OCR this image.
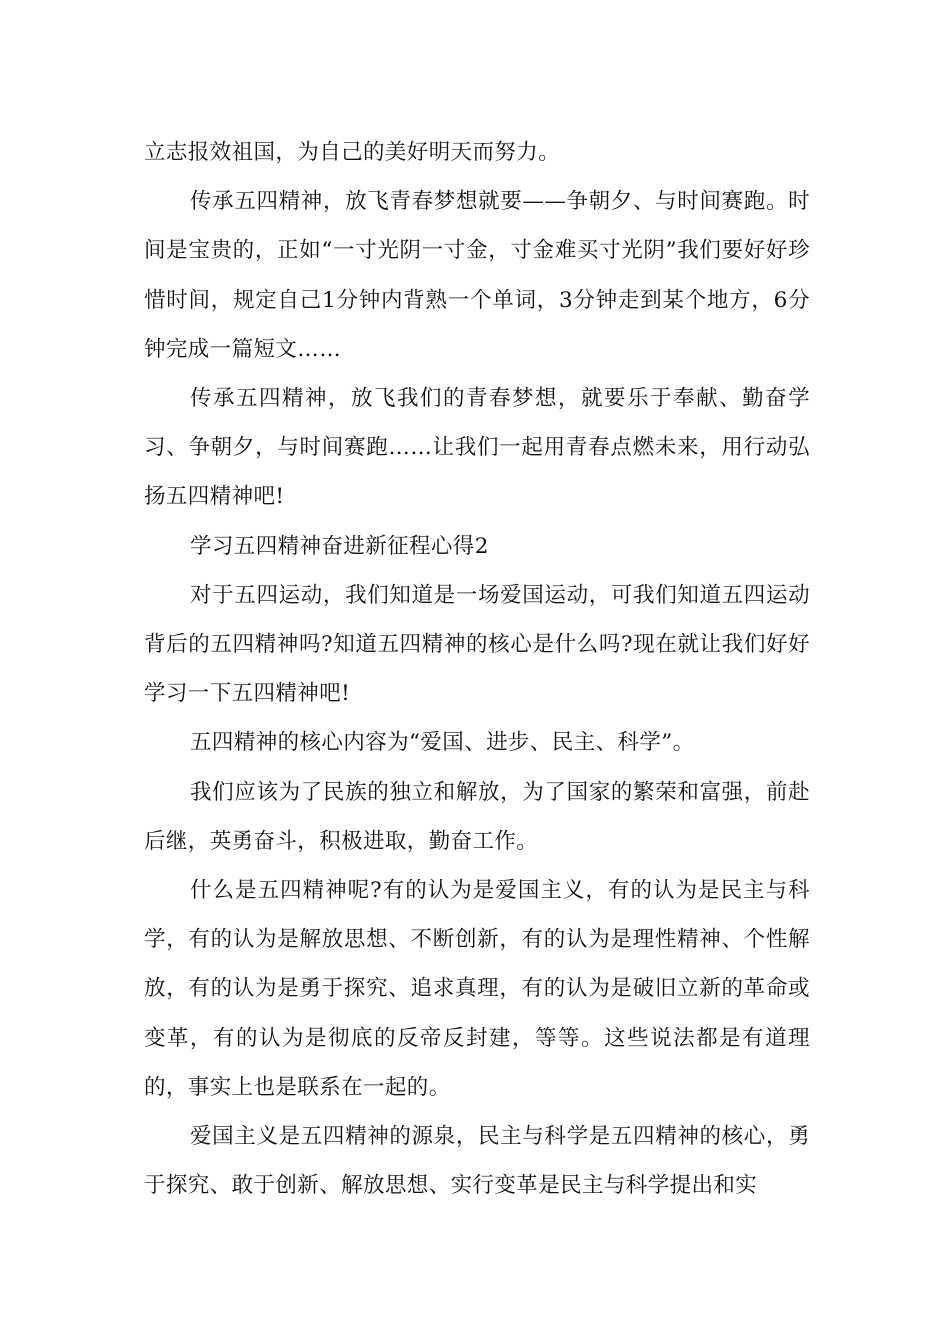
立志报效祖国，为自己的美好明天而努力。

传承五四精神，放飞青春梦想就要——争朝夕、与时间赛跑。时间是宝贵的，正如“一寸光阴一寸金，寸金难买寸光阴”我们要好好珍惜时间，规定自己1分钟内背熟一个单词，3分钟走到某个地方，6分钟完成一篇短文……

传承五四精神，放飞我们的青春梦想，就要乐于奉献、勤奋学习、争朝夕，与时间赛跑……让我们一起用青春点燃未来，用行动弘扬五四精神吧!

学习五四精神奋进新征程心得2

对于五四运动，我们知道是一场爱国运动，可我们知道五四运动背后的五四精神吗?知道五四精神的核心是什么吗?现在就让我们好好学习一下五四精神吧!

五四精神的核心内容为“爱国、进步、民主、科学”。

我们应该为了民族的独立和解放，为了国家的繁荣和富强，前赴后继，英勇奋斗，积极进取，勤奋工作。

什么是五四精神呢?有的认为是爱国主义，有的认为是民主与科学，有的认为是解放思想、不断创新，有的认为是理性精神、个性解放，有的认为是勇于探究、追求真理，有的认为是破旧立新的革命或变革，有的认为是彻底的反帝反封建，等等。这些说法都是有道理的，事实上也是联系在一起的。

爱国主义是五四精神的源泉，民主与科学是五四精神的核心，勇于探究、敢于创新、解放思想、实行变革是民主与科学提出和实
